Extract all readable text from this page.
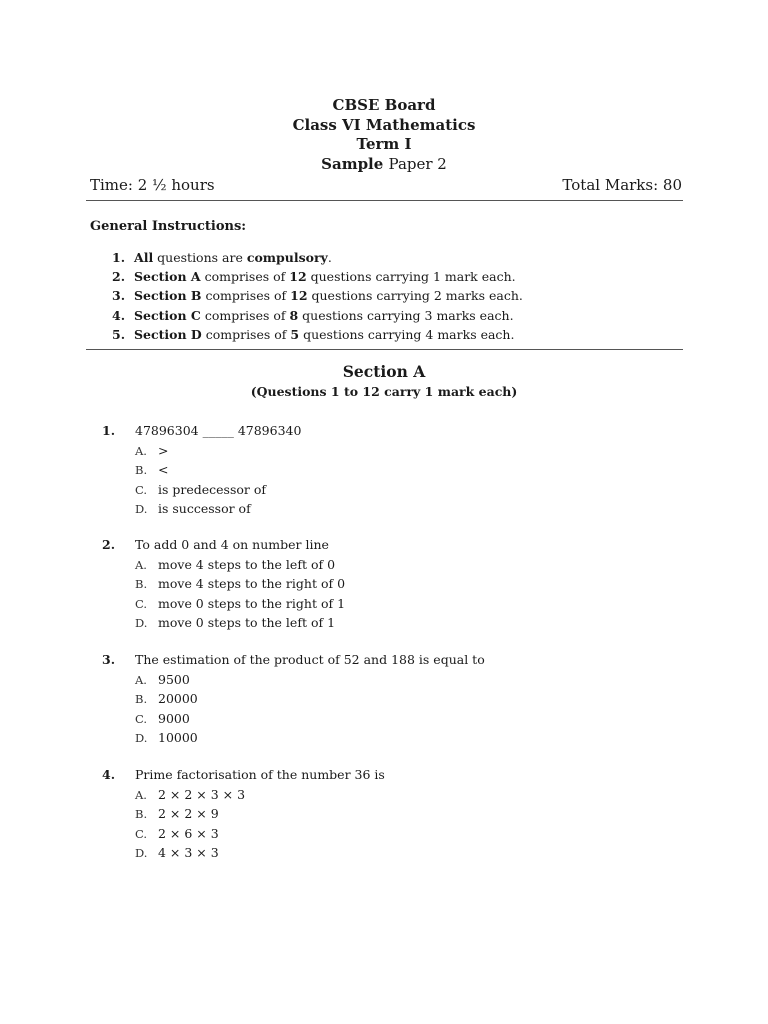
CBSE Board
Class VI Mathematics
Term I
Sample Paper 2
Time: 2 ½ hours	Total Marks: 80
General Instructions:
1. All questions are compulsory.
2. Section A comprises of 12 questions carrying 1 mark each.
3. Section B comprises of 12 questions carrying 2 marks each.
4. Section C comprises of 8 questions carrying 3 marks each.
5. Section D comprises of 5 questions carrying 4 marks each.
Section A
(Questions 1 to 12 carry 1 mark each)
1. 47896304 _____ 47896340
A. >
B. <
C. is predecessor of
D. is successor of
2. To add 0 and 4 on number line
A. move 4 steps to the left of 0
B. move 4 steps to the right of 0
C. move 0 steps to the right of 1
D. move 0 steps to the left of 1
3. The estimation of the product of 52 and 188 is equal to
A. 9500
B. 20000
C. 9000
D. 10000
4. Prime factorisation of the number 36 is
A. 2 × 2 × 3 × 3
B. 2 × 2 × 9
C. 2 × 6 × 3
D. 4 × 3 × 3
